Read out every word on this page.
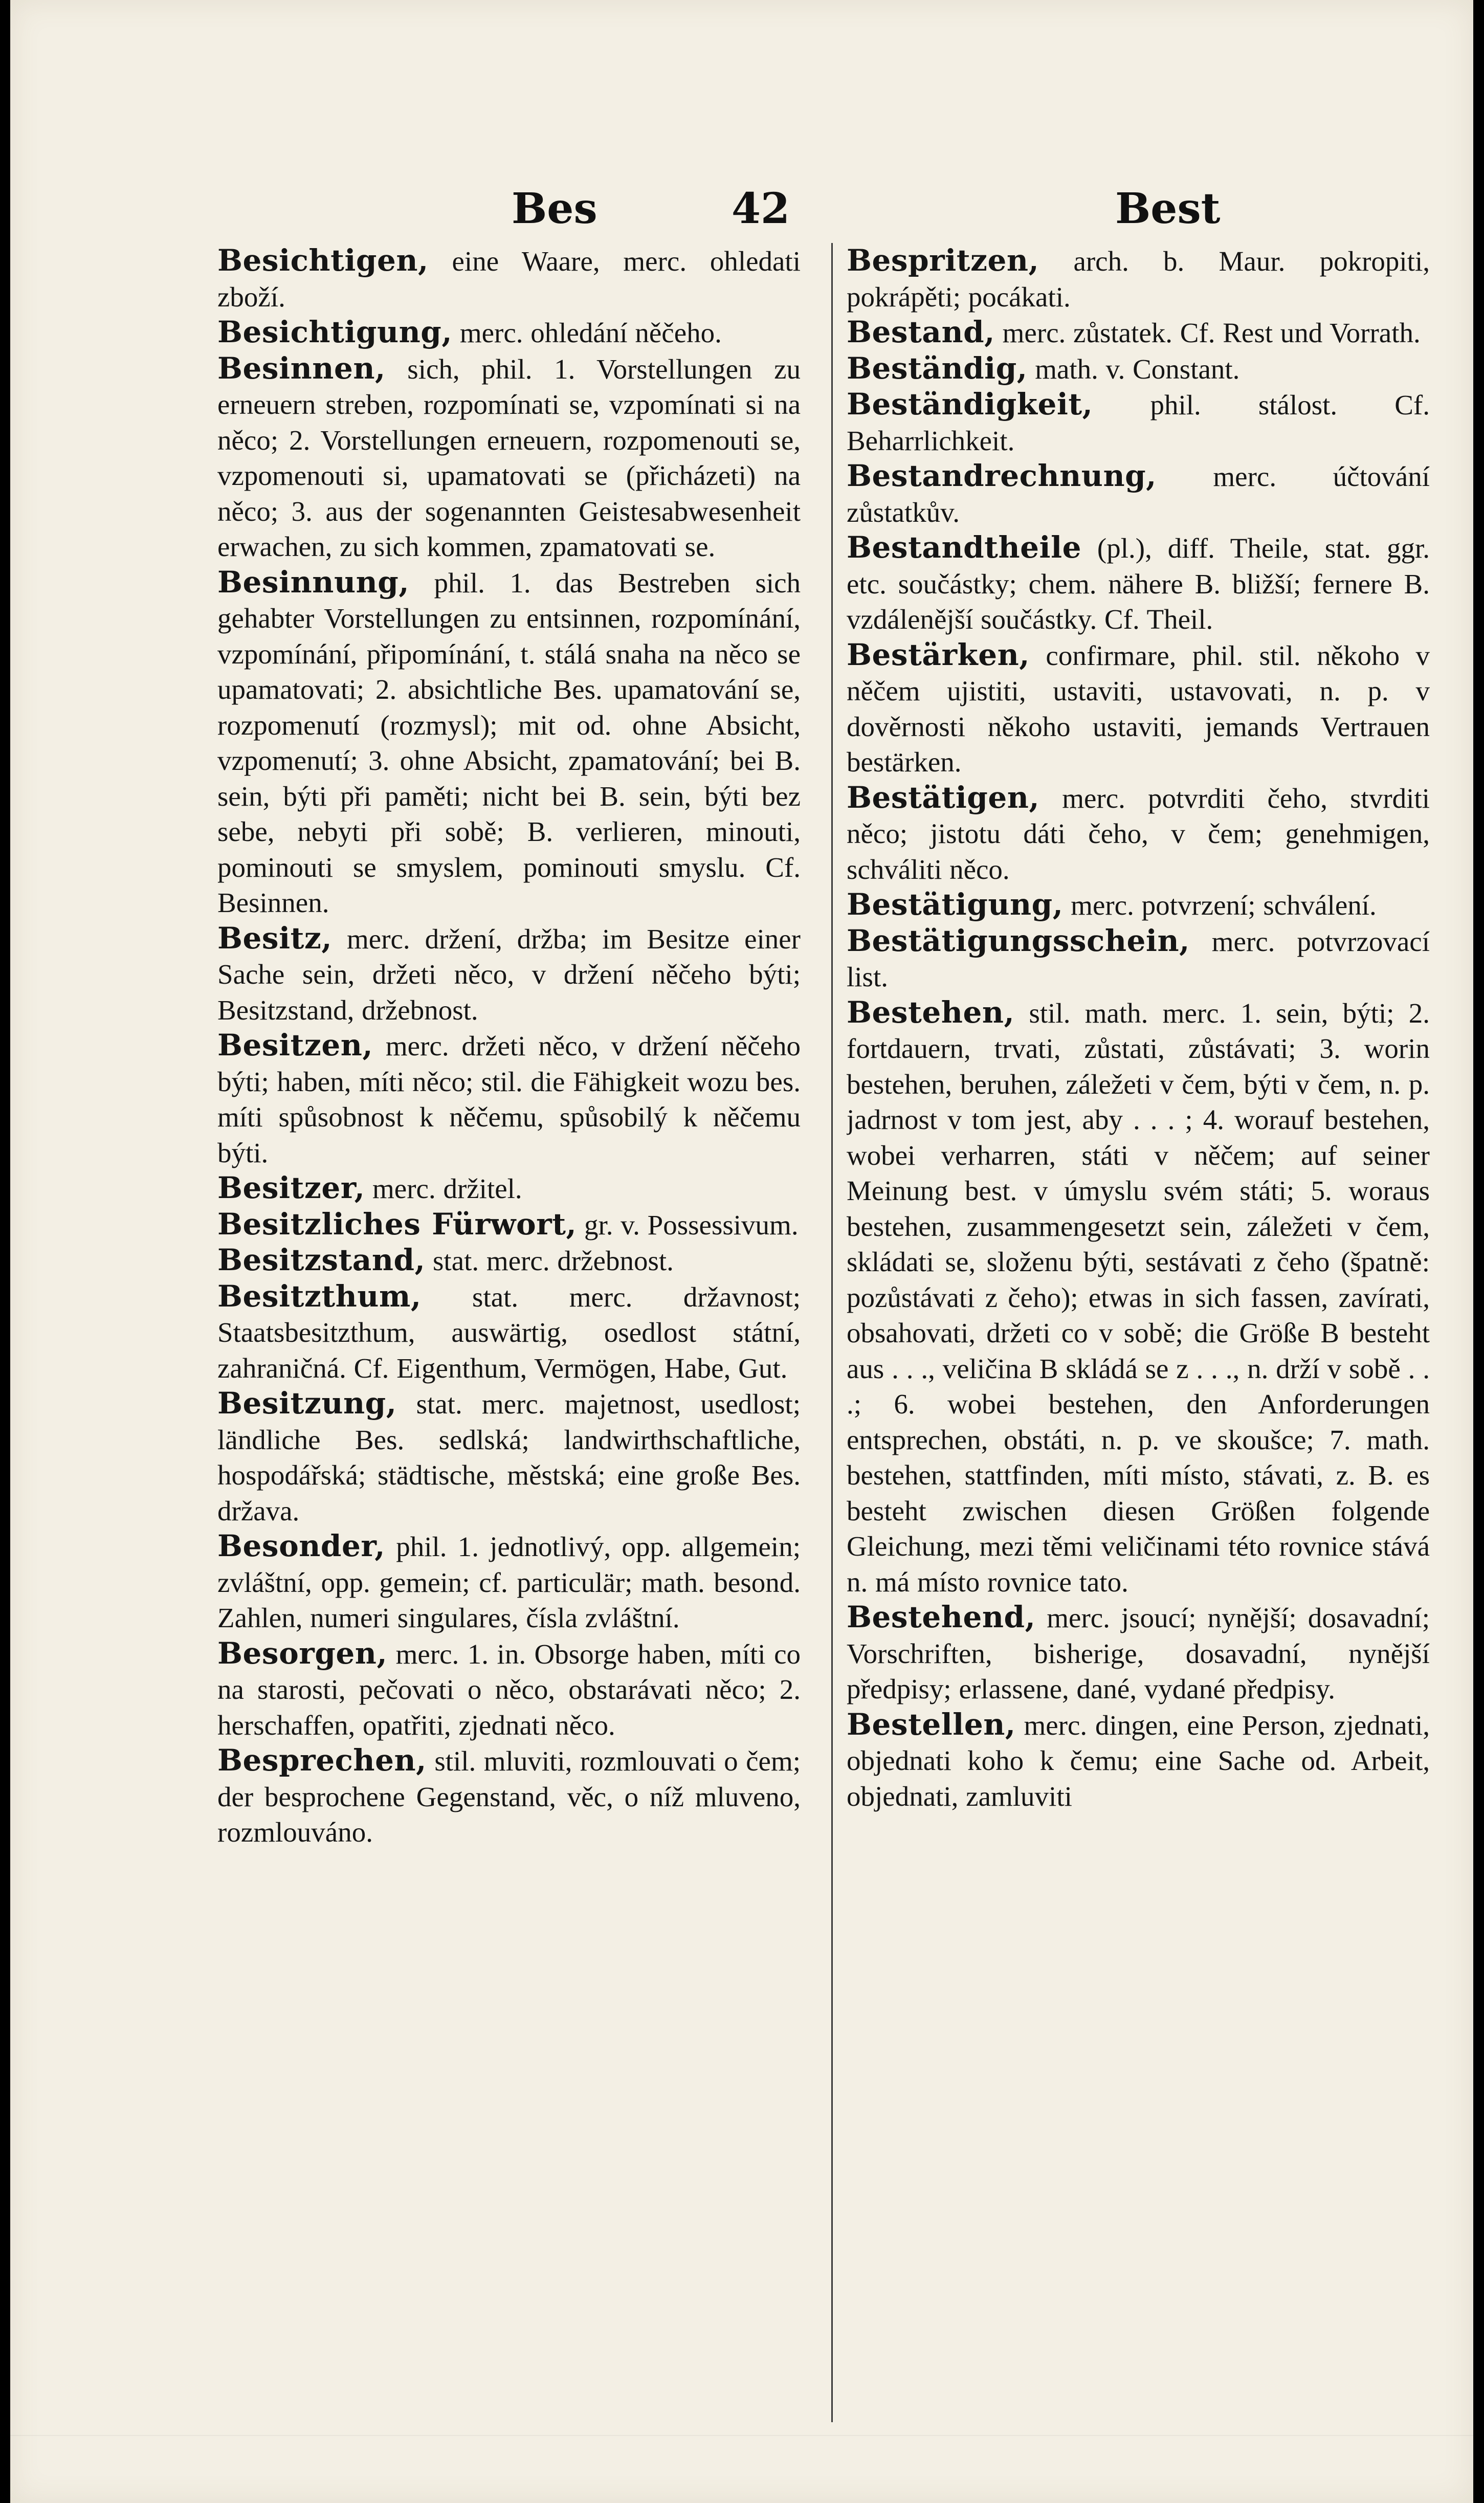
Bes	42	Best

Besichtigen, eine Waare, merc. ohledati zboží.

Besichtigung, merc. ohledání něčeho.

Besinnen, sich, phil. 1. Vorstellungen zu erneuern streben, rozpomínati se, vzpomínati si na něco; 2. Vorstellungen erneuern, rozpomenouti se, vzpomenouti si, upamatovati se (přicházeti) na něco; 3. aus der sogenannten Geistesabwesenheit erwachen, zu sich kommen, zpamatovati se.

Besinnung, phil. 1. das Bestreben sich gehabter Vorstellungen zu entsinnen, rozpomínání, vzpomínání, připomínání, t. stálá snaha na něco se upamatovati; 2. absichtliche Bes. upamatování se, rozpomenutí (rozmysl); mit od. ohne Absicht, vzpomenutí; 3. ohne Absicht, zpamatování; bei B. sein, býti při paměti; nicht bei B. sein, býti bez sebe, nebyti při sobě; B. verlieren, minouti, pominouti se smyslem, pominouti smyslu. Cf. Besinnen.

Besitz, merc. držení, držba; im Besitze einer Sache sein, držeti něco, v držení něčeho býti; Besitzstand, držebnost.

Besitzen, merc. držeti něco, v držení něčeho býti; haben, míti něco; stil. die Fähigkeit wozu bes. míti spůsobnost k něčemu, spůsobilý k něčemu býti.

Besitzer, merc. držitel.

Besitzliches Fürwort, gr. v. Possessivum.

Besitzstand, stat. merc. držebnost.

Besitzthum, stat. merc. državnost; Staatsbesitzthum, auswärtig, osedlost státní, zahraničná. Cf. Eigenthum, Vermögen, Habe, Gut.

Besitzung, stat. merc. majetnost, usedlost; ländliche Bes. sedlská; landwirthschaftliche, hospodářská; städtische, městská; eine große Bes. država.

Besonder, phil. 1. jednotlivý, opp. allgemein; zvláštní, opp. gemein; cf. particulär; math. besond. Zahlen, numeri singulares, čísla zvláštní.

Besorgen, merc. 1. in. Obsorge haben, míti co na starosti, pečovati o něco, obstarávati něco; 2. herschaffen, opatřiti, zjednati něco.

Besprechen, stil. mluviti, rozmlouvati o čem; der besprochene Gegenstand, věc, o níž mluveno, rozmlouváno.

Bespritzen, arch. b. Maur. pokropiti, pokrápěti; pocákati.

Bestand, merc. zůstatek. Cf. Rest und Vorrath.

Beständig, math. v. Constant.

Beständigkeit, phil. stálost. Cf. Beharrlichkeit.

Bestandrechnung, merc. účtování zůstatkův.

Bestandtheile (pl.), diff. Theile, stat. ggr. etc. součástky; chem. nähere B. bližší; fernere B. vzdálenější součástky. Cf. Theil.

Bestärken, confirmare, phil. stil. někoho v něčem ujistiti, ustaviti, ustavovati, n. p. v dověrnosti někoho ustaviti, jemands Vertrauen bestärken.

Bestätigen, merc. potvrditi čeho, stvrditi něco; jistotu dáti čeho, v čem; genehmigen, schváliti něco.

Bestätigung, merc. potvrzení; schválení.

Bestätigungsschein, merc. potvrzovací list.

Bestehen, stil. math. merc. 1. sein, býti; 2. fortdauern, trvati, zůstati, zůstávati; 3. worin bestehen, beruhen, záležeti v čem, býti v čem, n. p. jadrnost v tom jest, aby . . . ; 4. worauf bestehen, wobei verharren, státi v něčem; auf seiner Meinung best. v úmyslu svém státi; 5. woraus bestehen, zusammengesetzt sein, záležeti v čem, skládati se, složenu býti, sestávati z čeho (špatně: pozůstávati z čeho); etwas in sich fassen, zavírati, obsahovati, držeti co v sobě; die Größe B besteht aus . . ., veličina B skládá se z . . ., n. drží v sobě . . .; 6. wobei bestehen, den Anforderungen entsprechen, obstáti, n. p. ve skoušce; 7. math. bestehen, stattfinden, míti místo, stávati, z. B. es besteht zwischen diesen Größen folgende Gleichung, mezi těmi veličinami této rovnice stává n. má místo rovnice tato.

Bestehend, merc. jsoucí; nynější; dosavadní; Vorschriften, bisherige, dosavadní, nynější předpisy; erlassene, dané, vydané předpisy.

Bestellen, merc. dingen, eine Person, zjednati, objednati koho k čemu; eine Sache od. Arbeit, objednati, zamluviti
